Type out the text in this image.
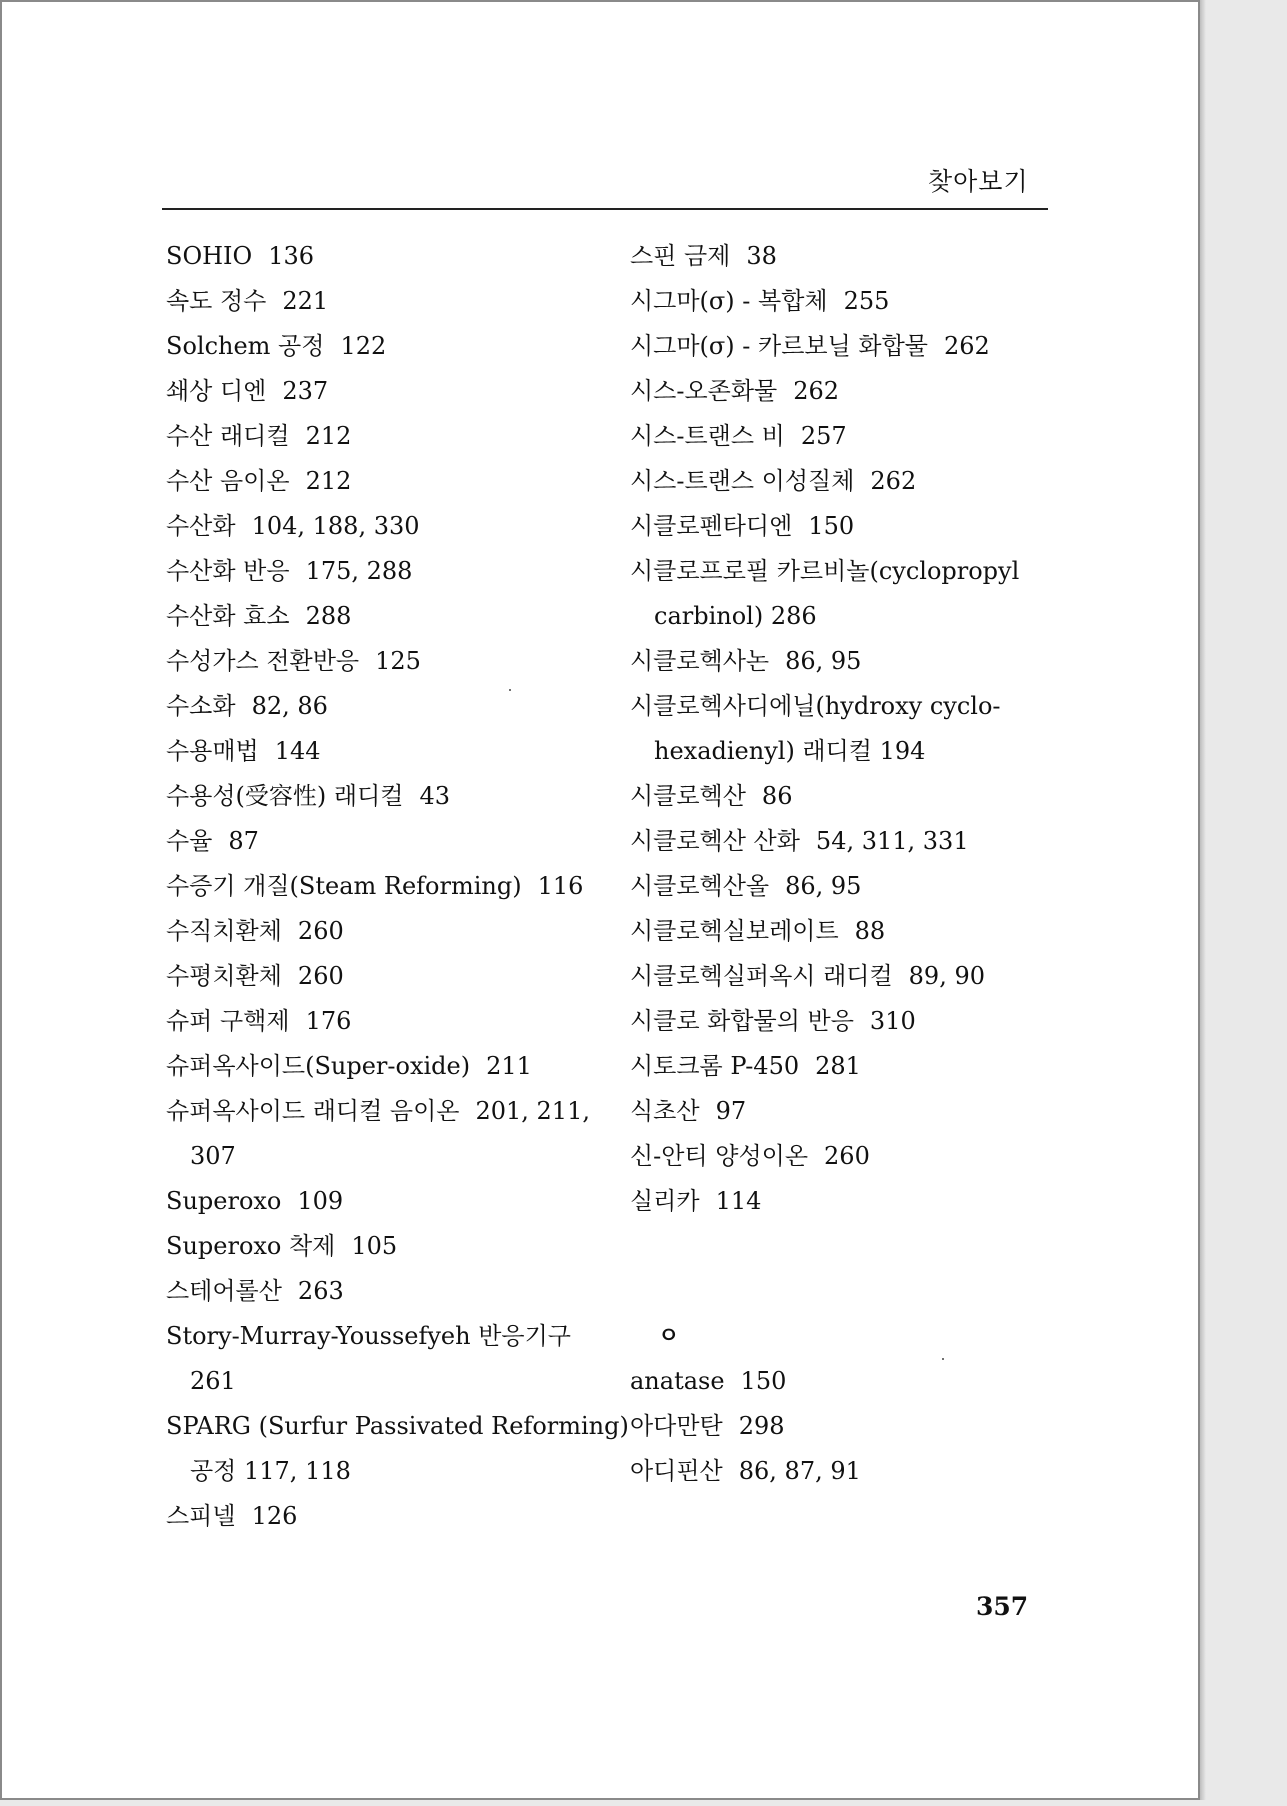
찾아보기
SOHIO 136
속도 정수 221
Solchem 공정 122
쇄상 디엔 237
수산 래디컬 212
수산 음이온 212
수산화 104, 188, 330
수산화 반응 175, 288
수산화 효소 288
수성가스 전환반응 125
수소화 82, 86
수용매법 144
수용성(受容性) 래디컬 43
수율 87
수증기 개질(Steam Reforming) 116
수직치환체 260
수평치환체 260
슈퍼 구핵제 176
슈퍼옥사이드(Super-oxide) 211
슈퍼옥사이드 래디컬 음이온 201, 211,
307
Superoxo 109
Superoxo 착제 105
스테어롤산 263
Story-Murray-Youssefyeh 반응기구
261
SPARG (Surfur Passivated Reforming)
공정 117, 118
스피넬 126
스핀 금제 38
시그마(σ) - 복합체 255
시그마(σ) - 카르보닐 화합물 262
시스-오존화물 262
시스-트랜스 비 257
시스-트랜스 이성질체 262
시클로펜타디엔 150
시클로프로필 카르비놀(cyclopropyl
carbinol) 286
시클로헥사논 86, 95
시클로헥사디에닐(hydroxy cyclo-
hexadienyl) 래디컬 194
시클로헥산 86
시클로헥산 산화 54, 311, 331
시클로헥산올 86, 95
시클로헥실보레이트 88
시클로헥실퍼옥시 래디컬 89, 90
시클로 화합물의 반응 310
시토크롬 P-450 281
식초산 97
신-안티 양성이온 260
실리카 114
ㅇ
anatase 150
아다만탄 298
아디핀산 86, 87, 91
357
